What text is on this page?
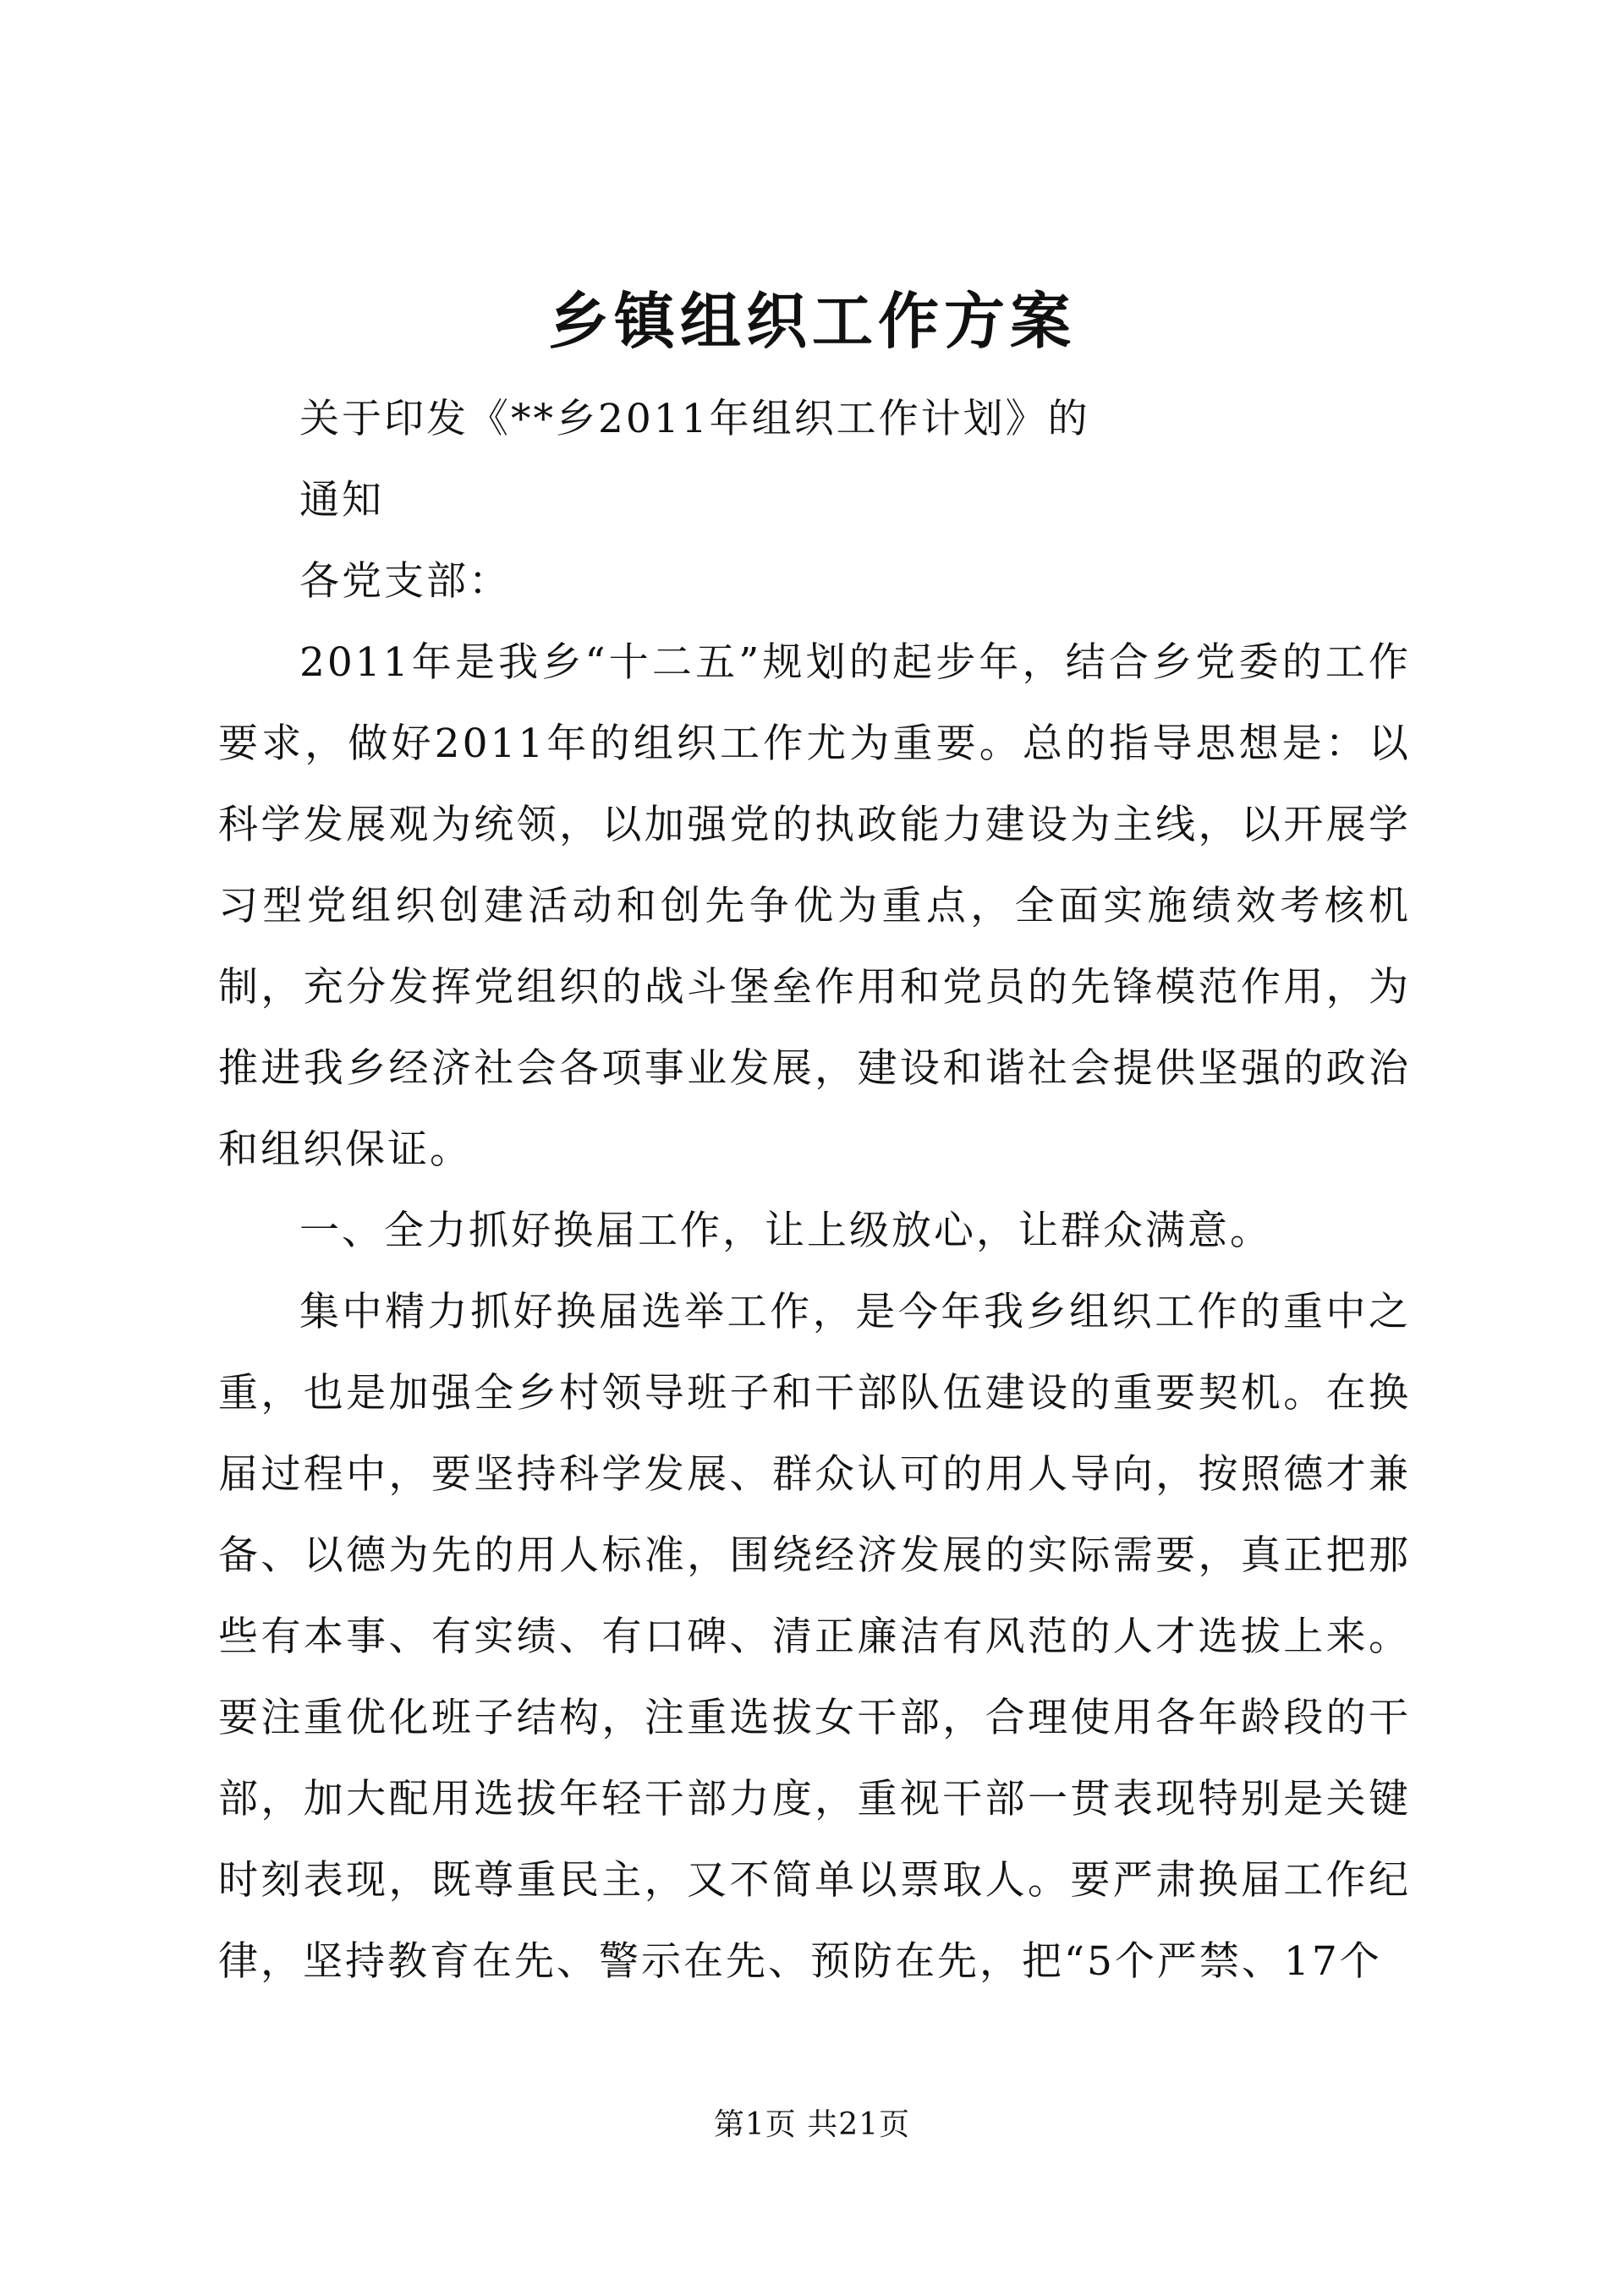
乡镇组织工作方案

关于印发《**乡2011年组织工作计划》的

通知

各党支部：

2011年是我乡“十二五”规划的起步年，结合乡党委的工作要求，做好2011年的组织工作尤为重要。总的指导思想是：以科学发展观为统领，以加强党的执政能力建设为主线，以开展学习型党组织创建活动和创先争优为重点，全面实施绩效考核机制，充分发挥党组织的战斗堡垒作用和党员的先锋模范作用，为推进我乡经济社会各项事业发展，建设和谐社会提供坚强的政治和组织保证。

一、全力抓好换届工作，让上级放心，让群众满意。

集中精力抓好换届选举工作，是今年我乡组织工作的重中之重，也是加强全乡村领导班子和干部队伍建设的重要契机。在换届过程中，要坚持科学发展、群众认可的用人导向，按照德才兼备、以德为先的用人标准，围绕经济发展的实际需要，真正把那些有本事、有实绩、有口碑、清正廉洁有风范的人才选拔上来。要注重优化班子结构，注重选拔女干部，合理使用各年龄段的干部，加大配用选拔年轻干部力度，重视干部一贯表现特别是关键时刻表现，既尊重民主，又不简单以票取人。要严肃换届工作纪律，坚持教育在先、警示在先、预防在先，把“5个严禁、17个

第1页 共21页
